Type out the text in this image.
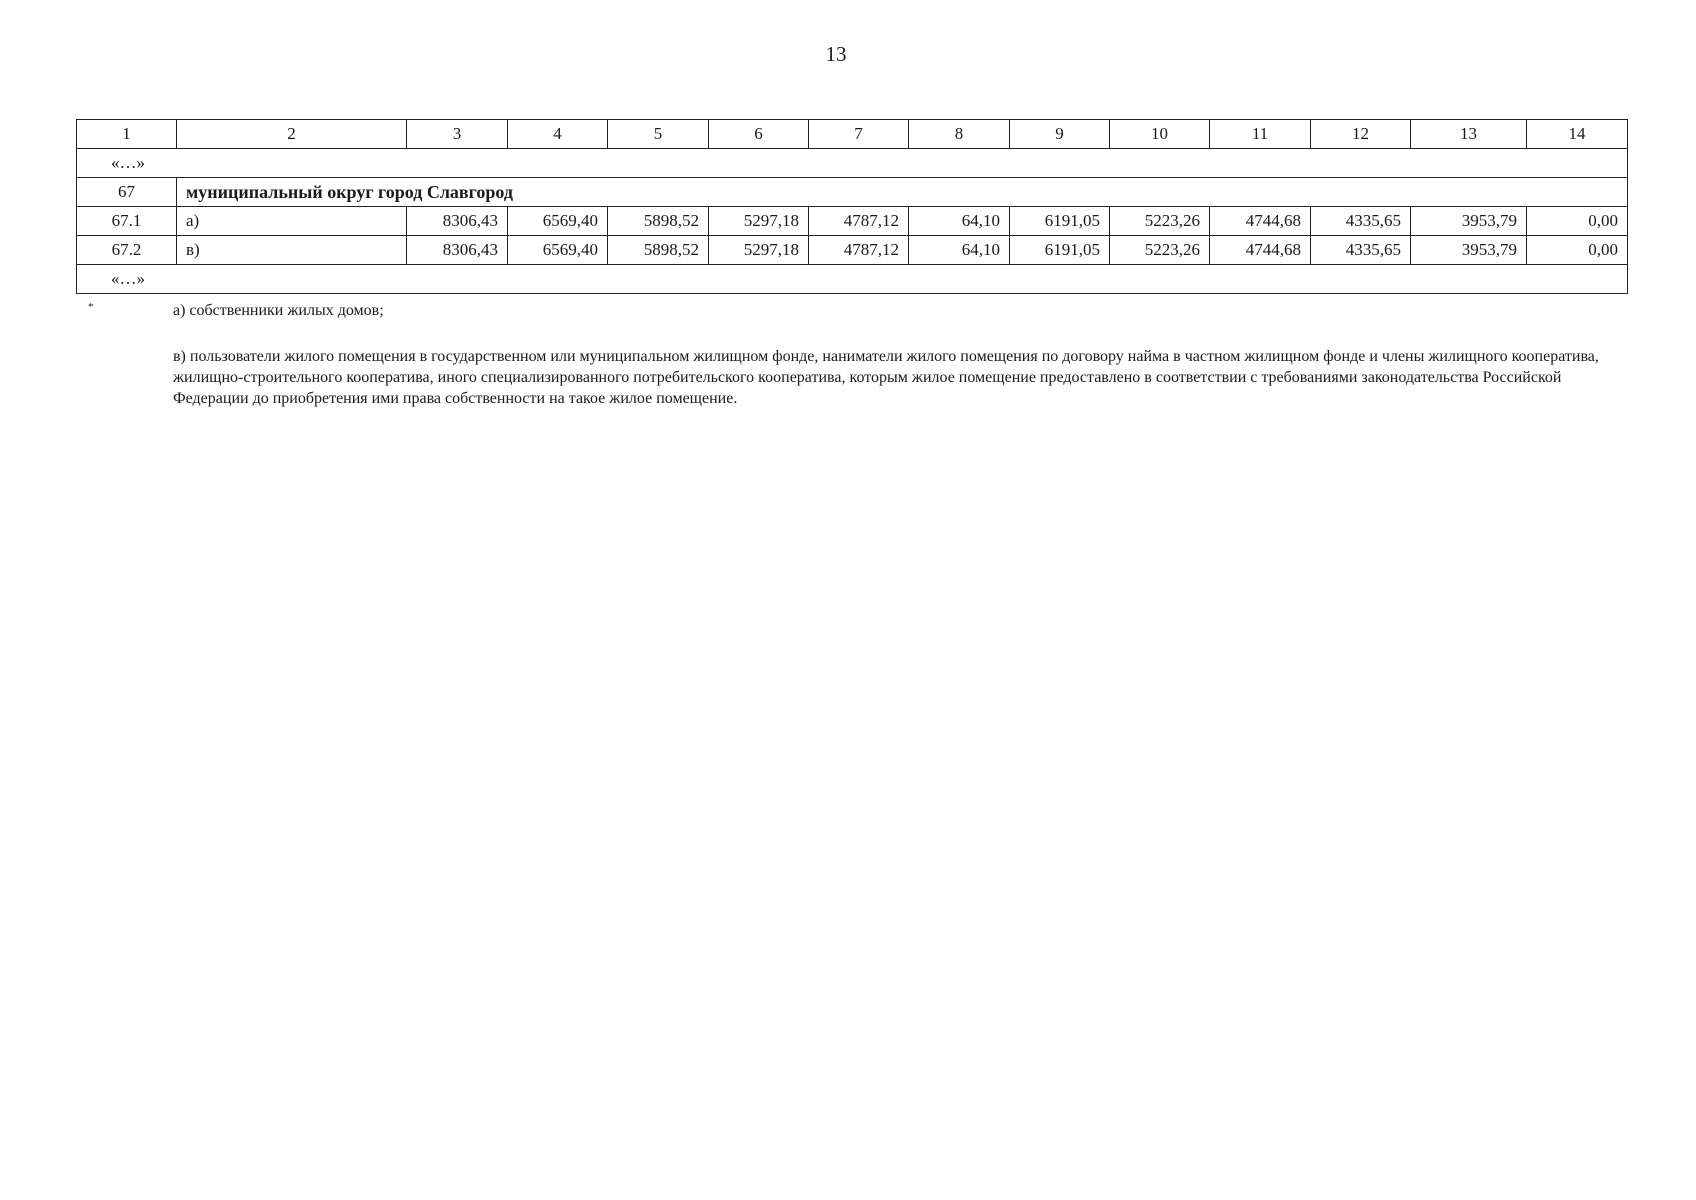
13
1	2	3	4	5	6	7	8	9	10	11	12	13	14
«…»													
67	муниципальный округ город Славгород												
67.1	а)	8306,43	6569,40	5898,52	5297,18	4787,12	64,10	6191,05	5223,26	4744,68	4335,65	3953,79	0,00
67.2	в)	8306,43	6569,40	5898,52	5297,18	4787,12	64,10	6191,05	5223,26	4744,68	4335,65	3953,79	0,00
«…»													
*	а) собственники жилых домов;
в) пользователи жилого помещения в государственном или муниципальном жилищном фонде, наниматели жилого помещения по договору найма в частном жилищном фонде и члены жилищного кооператива, жилищно-строительного кооператива, иного специализированного потребительского кооператива, которым жилое помещение предоставлено в соответствии с требованиями законодательства Российской Федерации до приобретения ими права собственности на такое жилое помещение.
